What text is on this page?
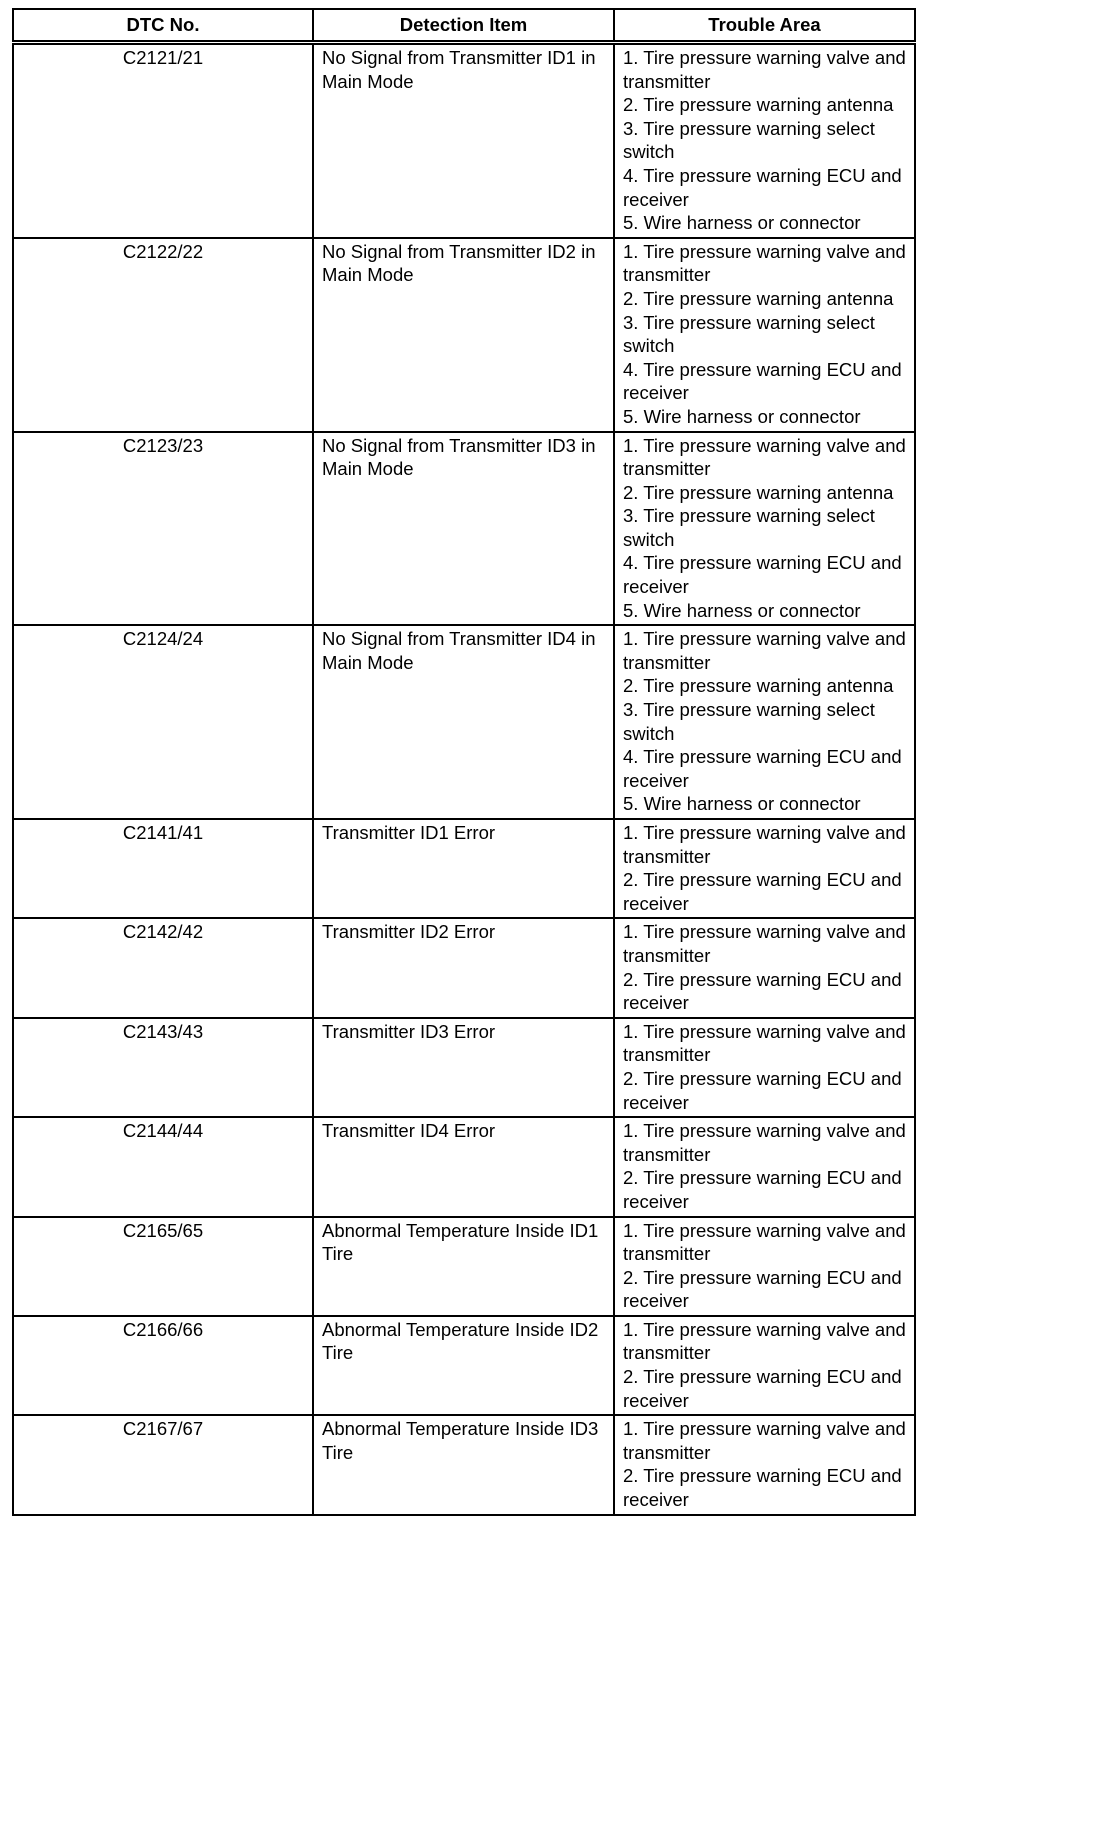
DTC No.	Detection Item	Trouble Area
C2121/21	No Signal from Transmitter ID1 in Main Mode	1. Tire pressure warning valve and transmitter
2. Tire pressure warning antenna
3. Tire pressure warning select switch
4. Tire pressure warning ECU and receiver
5. Wire harness or connector

C2122/22	No Signal from Transmitter ID2 in Main Mode	1. Tire pressure warning valve and transmitter
2. Tire pressure warning antenna
3. Tire pressure warning select switch
4. Tire pressure warning ECU and receiver
5. Wire harness or connector

C2123/23	No Signal from Transmitter ID3 in Main Mode	1. Tire pressure warning valve and transmitter
2. Tire pressure warning antenna
3. Tire pressure warning select switch
4. Tire pressure warning ECU and receiver
5. Wire harness or connector

C2124/24	No Signal from Transmitter ID4 in Main Mode	1. Tire pressure warning valve and transmitter
2. Tire pressure warning antenna
3. Tire pressure warning select switch
4. Tire pressure warning ECU and receiver
5. Wire harness or connector

C2141/41	Transmitter ID1 Error	1. Tire pressure warning valve and transmitter
2. Tire pressure warning ECU and receiver

C2142/42	Transmitter ID2 Error	1. Tire pressure warning valve and transmitter
2. Tire pressure warning ECU and receiver

C2143/43	Transmitter ID3 Error	1. Tire pressure warning valve and transmitter
2. Tire pressure warning ECU and receiver

C2144/44	Transmitter ID4 Error	1. Tire pressure warning valve and transmitter
2. Tire pressure warning ECU and receiver

C2165/65	Abnormal Temperature Inside ID1 Tire	1. Tire pressure warning valve and transmitter
2. Tire pressure warning ECU and receiver

C2166/66	Abnormal Temperature Inside ID2 Tire	1. Tire pressure warning valve and transmitter
2. Tire pressure warning ECU and receiver

C2167/67	Abnormal Temperature Inside ID3 Tire	1. Tire pressure warning valve and transmitter
2. Tire pressure warning ECU and receiver
